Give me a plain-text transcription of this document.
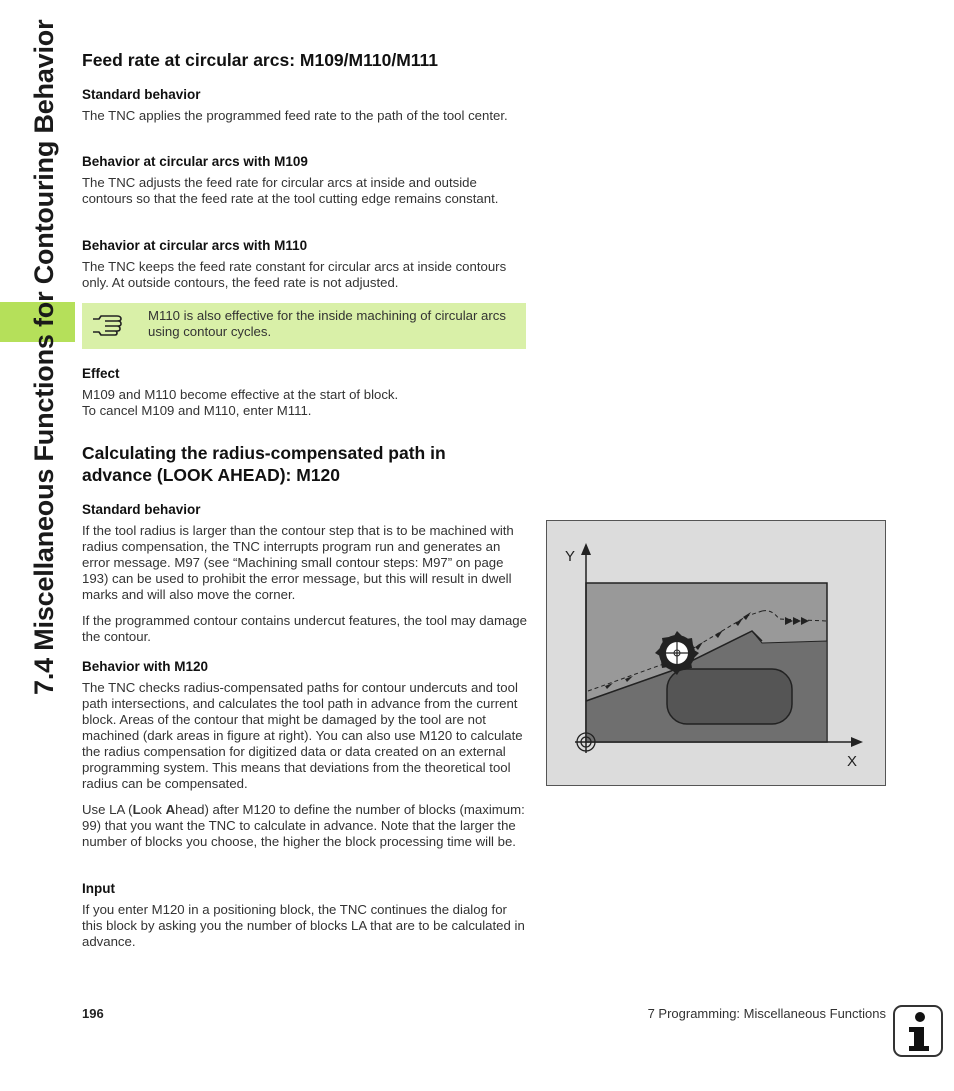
7.4 Miscellaneous Functions for Contouring Behavior Feed rate at circular arcs: M109/M110/M111
Standard behavior

The TNC applies the programmed feed rate to the path of the tool center.

Behavior at circular arcs with M109

The TNC adjusts the feed rate for circular arcs at inside and outside contours so that the feed rate at the tool cutting edge remains constant.

Behavior at circular arcs with M110

The TNC keeps the feed rate constant for circular arcs at inside contours only. At outside contours, the feed rate is not adjusted.

M110 is also effective for the inside machining of circular arcs using contour cycles.
Effect

M109 and M110 become effective at the start of block.

To cancel M109 and M110, enter M111.

Calculating the radius-compensated path in advance (LOOK AHEAD): M120
Standard behavior

If the tool radius is larger than the contour step that is to be machined with radius compensation, the TNC interrupts program run and generates an error message. M97 (see “Machining small contour steps: M97” on page 193) can be used to prohibit the error message, but this will result in dwell marks and will also move the corner.

If the programmed contour contains undercut features, the tool may damage the contour.

Behavior with M120

The TNC checks radius-compensated paths for contour undercuts and tool path intersections, and calculates the tool path in advance from the current block. Areas of the contour that might be damaged by the tool are not machined (dark areas in figure at right). You can also use M120 to calculate the radius compensation for digitized data or data created on an external programming system. This means that deviations from the theoretical tool radius can be compensated.

Use LA (Look Ahead) after M120 to define the number of blocks (maximum: 99) that you want the TNC to calculate in advance. Note that the larger the number of blocks you choose, the higher the block processing time will be.

Input

If you enter M120 in a positioning block, the TNC continues the dialog for this block by asking you the number of blocks LA that are to be calculated in advance.

Y
X
196	7 Programming: Miscellaneous Functions
